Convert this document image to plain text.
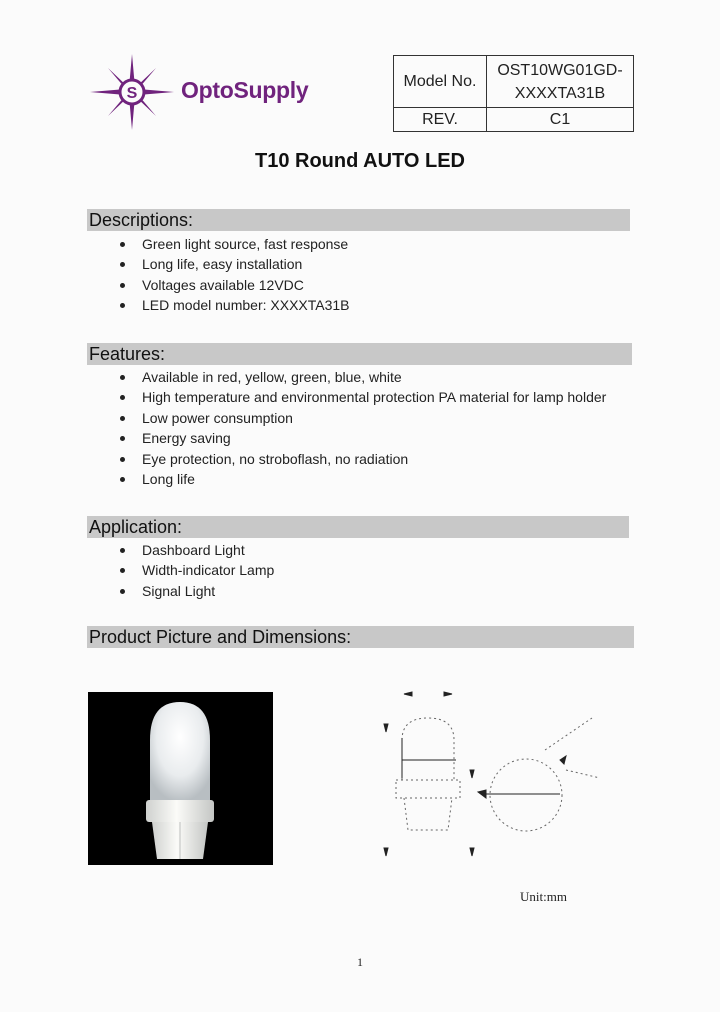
S OptoSupply	Model No.	OST10WG01GD-
XXXXTA31B

REV.	C1
T10 Round AUTO LED
Descriptions:
Green light source, fast response
Long life, easy installation
Voltages available 12VDC
LED model number: XXXXTA31B
Features:
Available in red, yellow, green, blue, white
High temperature and environmental protection PA material for lamp holder
Low power consumption
Energy saving
Eye protection, no stroboflash, no radiation
Long life
Application:
Dashboard Light
Width-indicator Lamp
Signal Light
Product Picture and Dimensions:
Unit:mm
1
